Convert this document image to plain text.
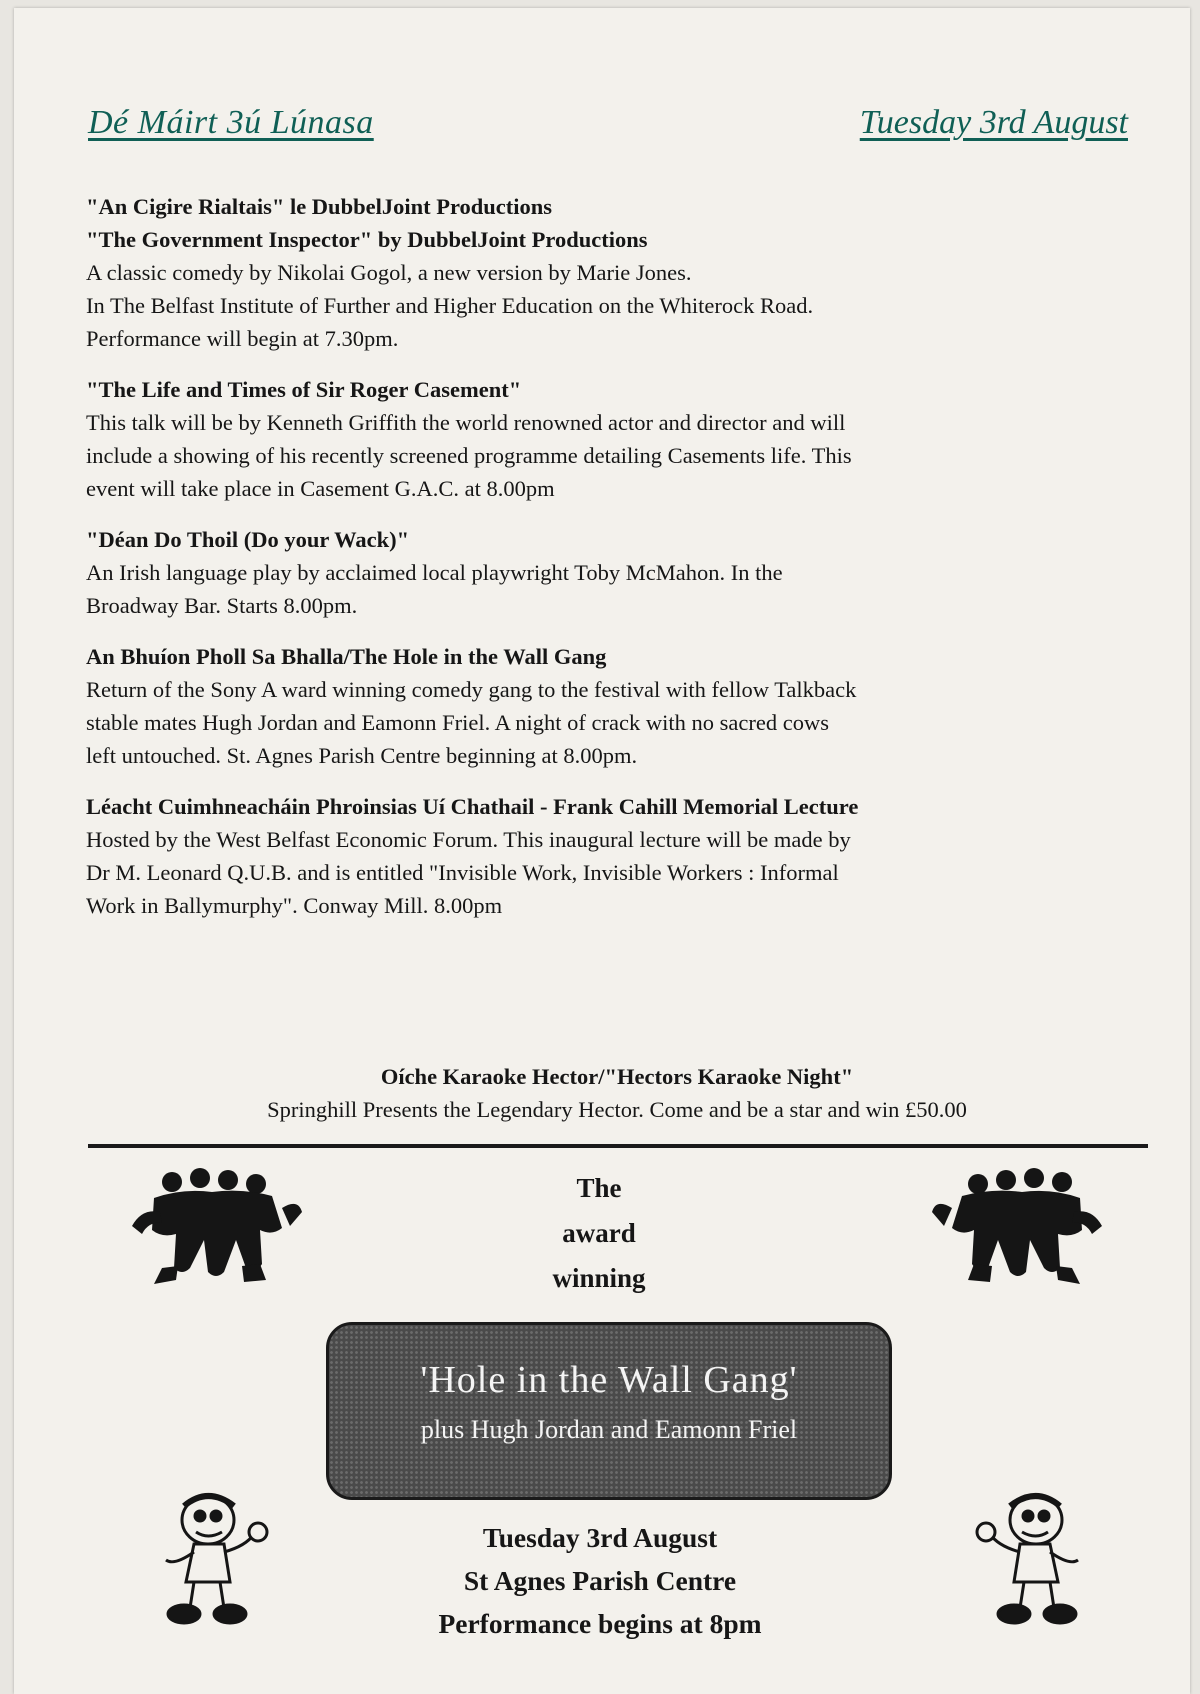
Dé Máirt 3ú Lúnasa	Tuesday 3rd August
"An Cigire Rialtais" le DubbelJoint Productions
"The Government Inspector" by DubbelJoint Productions

A classic comedy by Nikolai Gogol, a new version by Marie Jones.

In The Belfast Institute of Further and Higher Education on the Whiterock Road.

Performance will begin at 7.30pm.

"The Life and Times of Sir Roger Casement"

This talk will be by Kenneth Griffith the world renowned actor and director and will

include a showing of his recently screened programme detailing Casements life. This

event will take place in Casement G.A.C. at 8.00pm

"Déan Do Thoil (Do your Wack)"

An Irish language play by acclaimed local playwright Toby McMahon. In the

Broadway Bar. Starts 8.00pm.

An Bhuíon Pholl Sa Bhalla/The Hole in the Wall Gang

Return of the Sony A ward winning comedy gang to the festival with fellow Talkback

stable mates Hugh Jordan and Eamonn Friel. A night of crack with no sacred cows

left untouched. St. Agnes Parish Centre beginning at 8.00pm.

Léacht Cuimhneacháin Phroinsias Uí Chathail - Frank Cahill Memorial Lecture

Hosted by the West Belfast Economic Forum. This inaugural lecture will be made by

Dr M. Leonard Q.U.B. and is entitled "Invisible Work, Invisible Workers : Informal

Work in Ballymurphy". Conway Mill. 8.00pm

Oíche Karaoke Hector/"Hectors Karaoke Night"

Springhill Presents the Legendary Hector. Come and be a star and win £50.00

The
award
winning
'Hole in the Wall Gang'
plus Hugh Jordan and Eamonn Friel
Tuesday 3rd August
St Agnes Parish Centre
Performance begins at 8pm
